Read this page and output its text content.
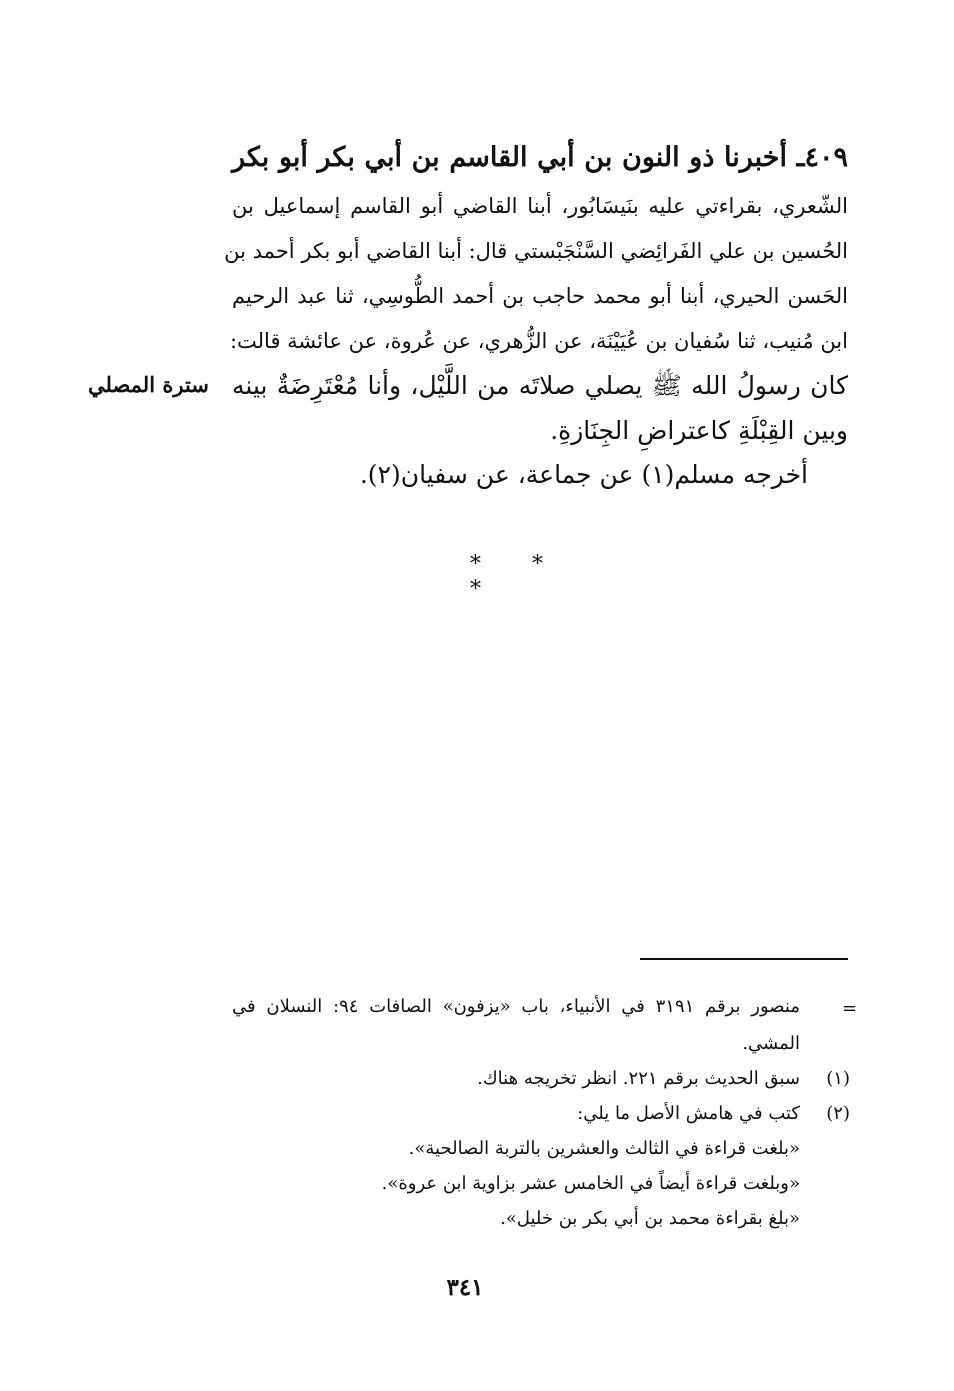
٤٠٩ـ أخبرنا ذو النون بن أبي القاسم بن أبي بكر أبو بكر
الشّعري، بقراءتي عليه بنَيسَابُور، أبنا القاضي أبو القاسم إسماعيل بن
الحُسين بن علي الفَرائِضي السَّنْجَبْستي قال: أبنا القاضي أبو بكر أحمد بن
الحَسن الحيري، أبنا أبو محمد حاجب بن أحمد الطُّوسِي، ثنا عبد الرحيم
ابن مُنيب، ثنا سُفيان بن عُيَيْنَة، عن الزُّهري، عن عُروة، عن عائشة قالت:
كان رسولُ الله ﷺ يصلي صلاتَه من اللَّيْل، وأنا مُعْتَرِضَةٌ بينه
وبين القِبْلَةِ كاعتراضِ الجِنَازةِ.
أخرجه مسلم(١) عن جماعة، عن سفيان(٢).
سترة المصلي
* * *
=
منصور برقم ٣١٩١ في الأنبياء، باب «يزفون» الصافات ٩٤: النسلان في
المشي.
(١)
سبق الحديث برقم ٢٢١. انظر تخريجه هناك.
(٢)
كتب في هامش الأصل ما يلي:
«بلغت قراءة في الثالث والعشرين بالتربة الصالحية».
«وبلغت قراءة أيضاً في الخامس عشر بزاوية ابن عروة».
«بلغ بقراءة محمد بن أبي بكر بن خليل».
٣٤١
